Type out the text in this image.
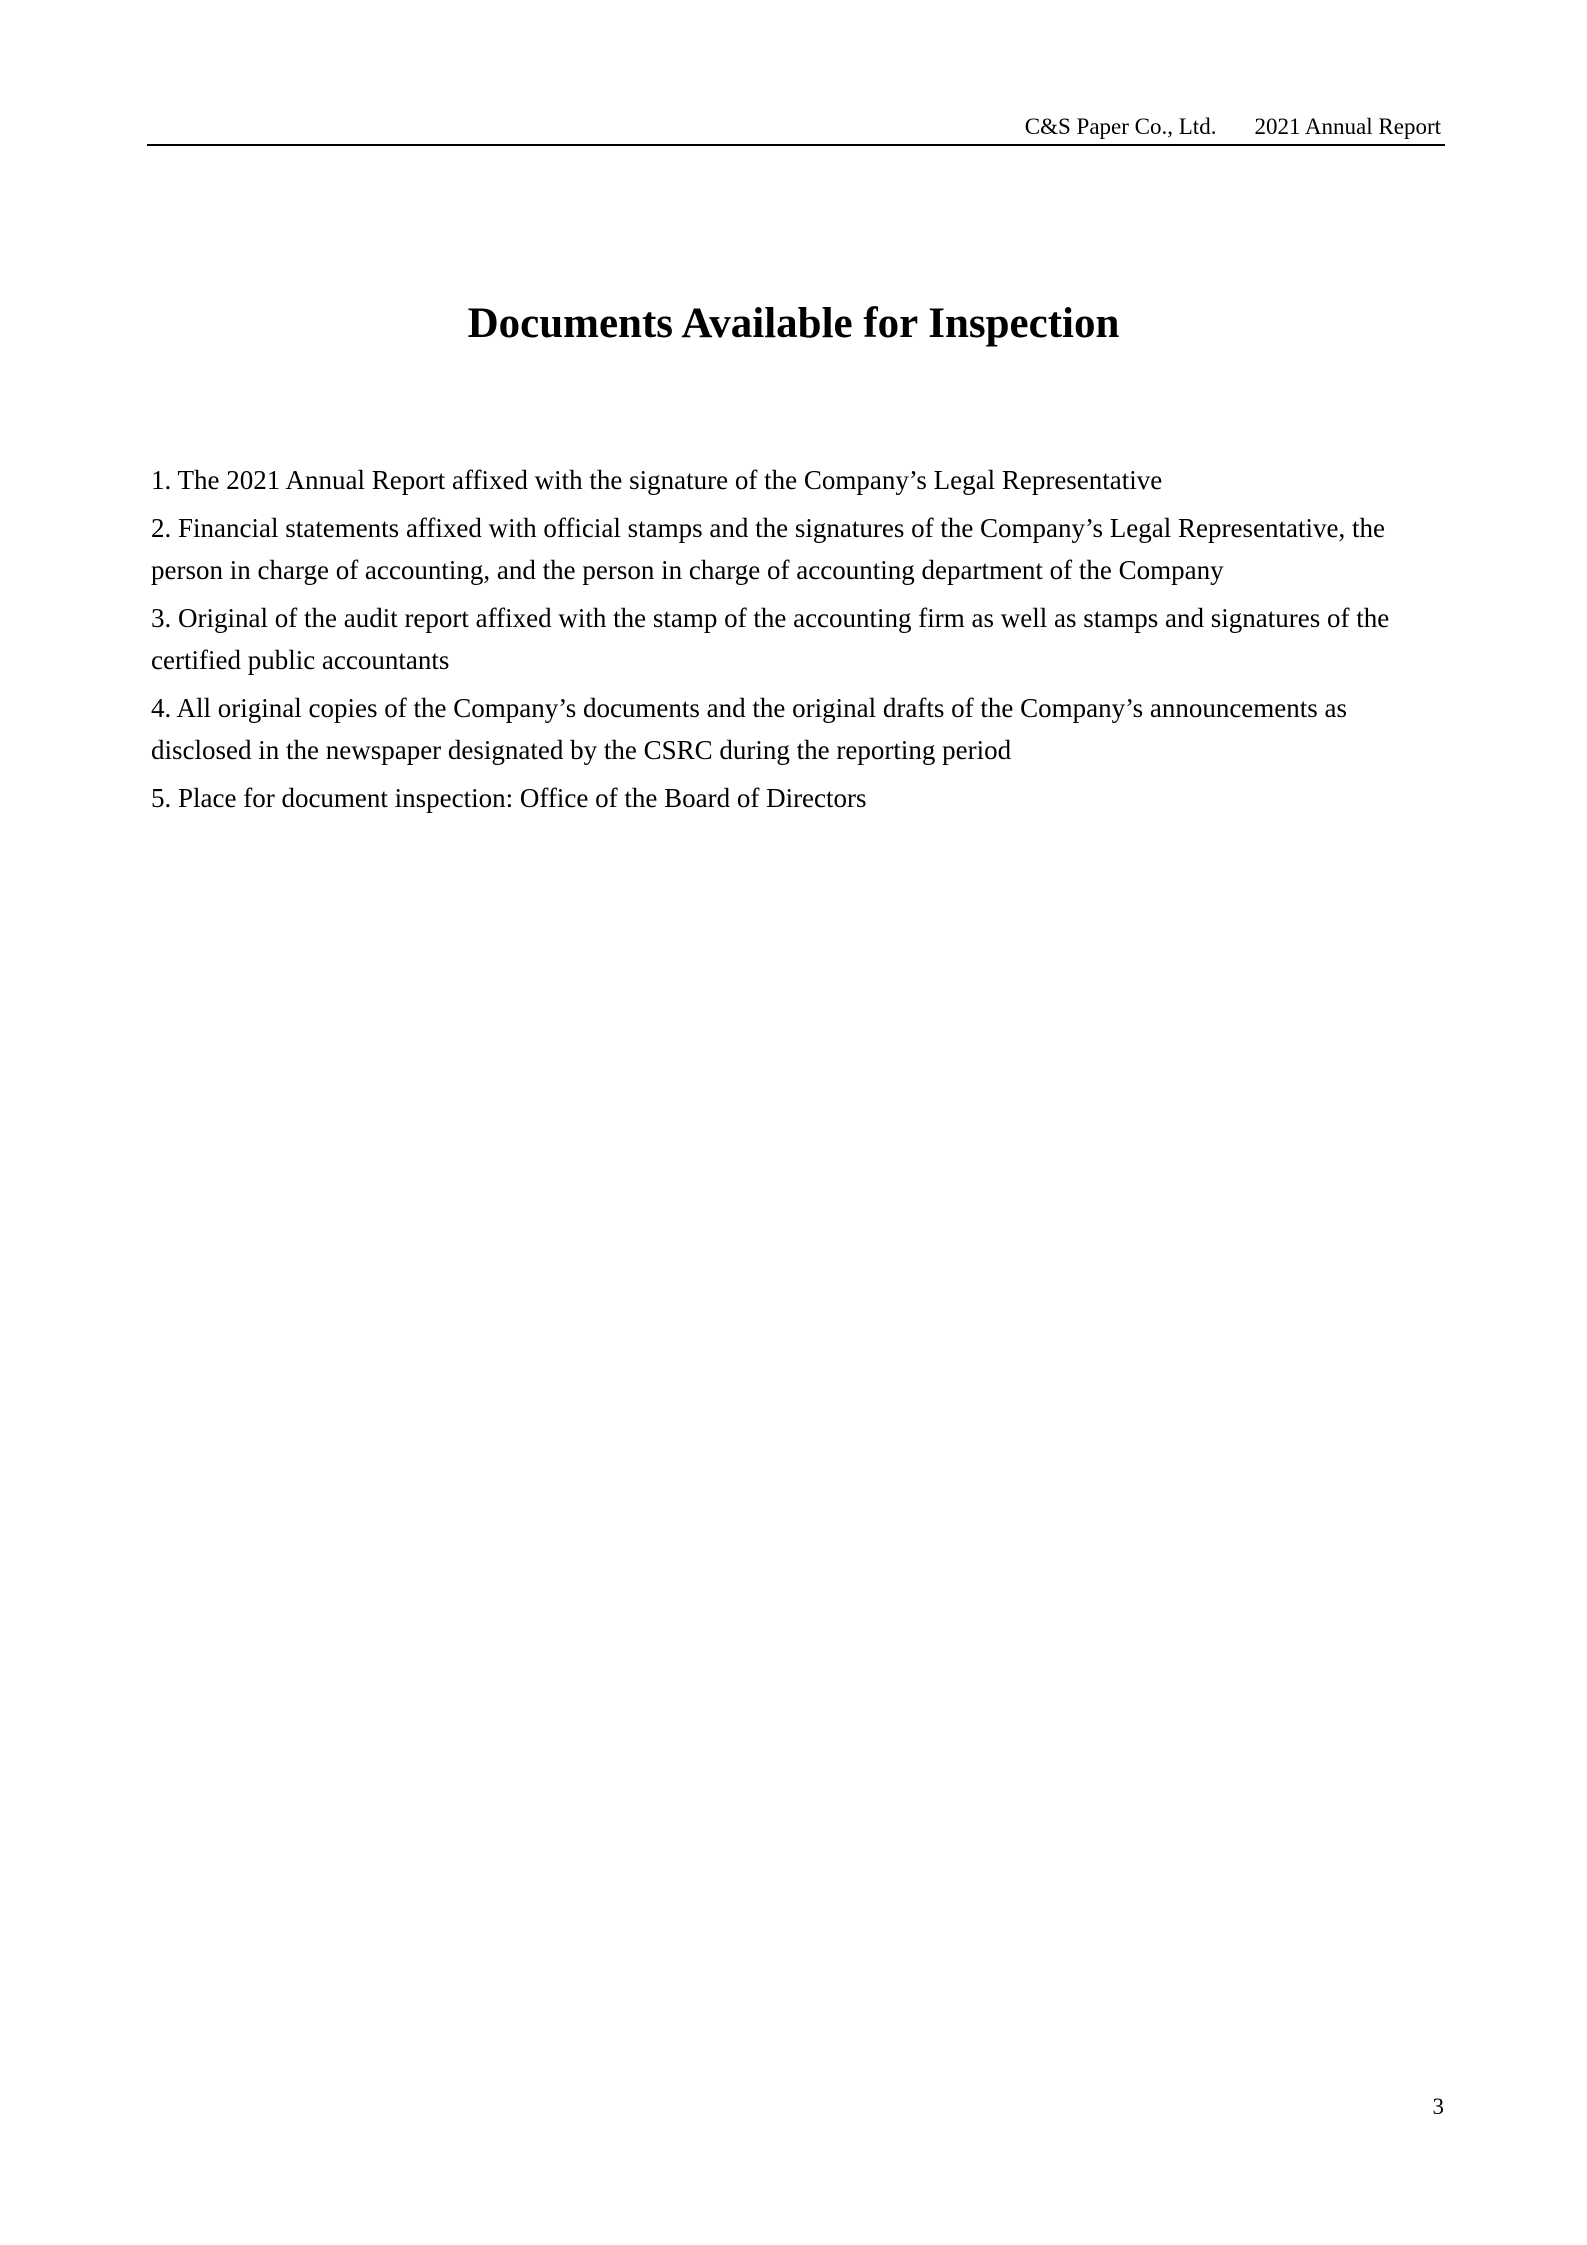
C&S Paper Co., Ltd. 2021 Annual Report
Documents Available for Inspection
1. The 2021 Annual Report affixed with the signature of the Company’s Legal Representative
2. Financial statements affixed with official stamps and the signatures of the Company’s Legal Representative, the person in charge of accounting, and the person in charge of accounting department of the Company
3. Original of the audit report affixed with the stamp of the accounting firm as well as stamps and signatures of the certified public accountants
4. All original copies of the Company’s documents and the original drafts of the Company’s announcements as disclosed in the newspaper designated by the CSRC during the reporting period
5. Place for document inspection: Office of the Board of Directors
3
